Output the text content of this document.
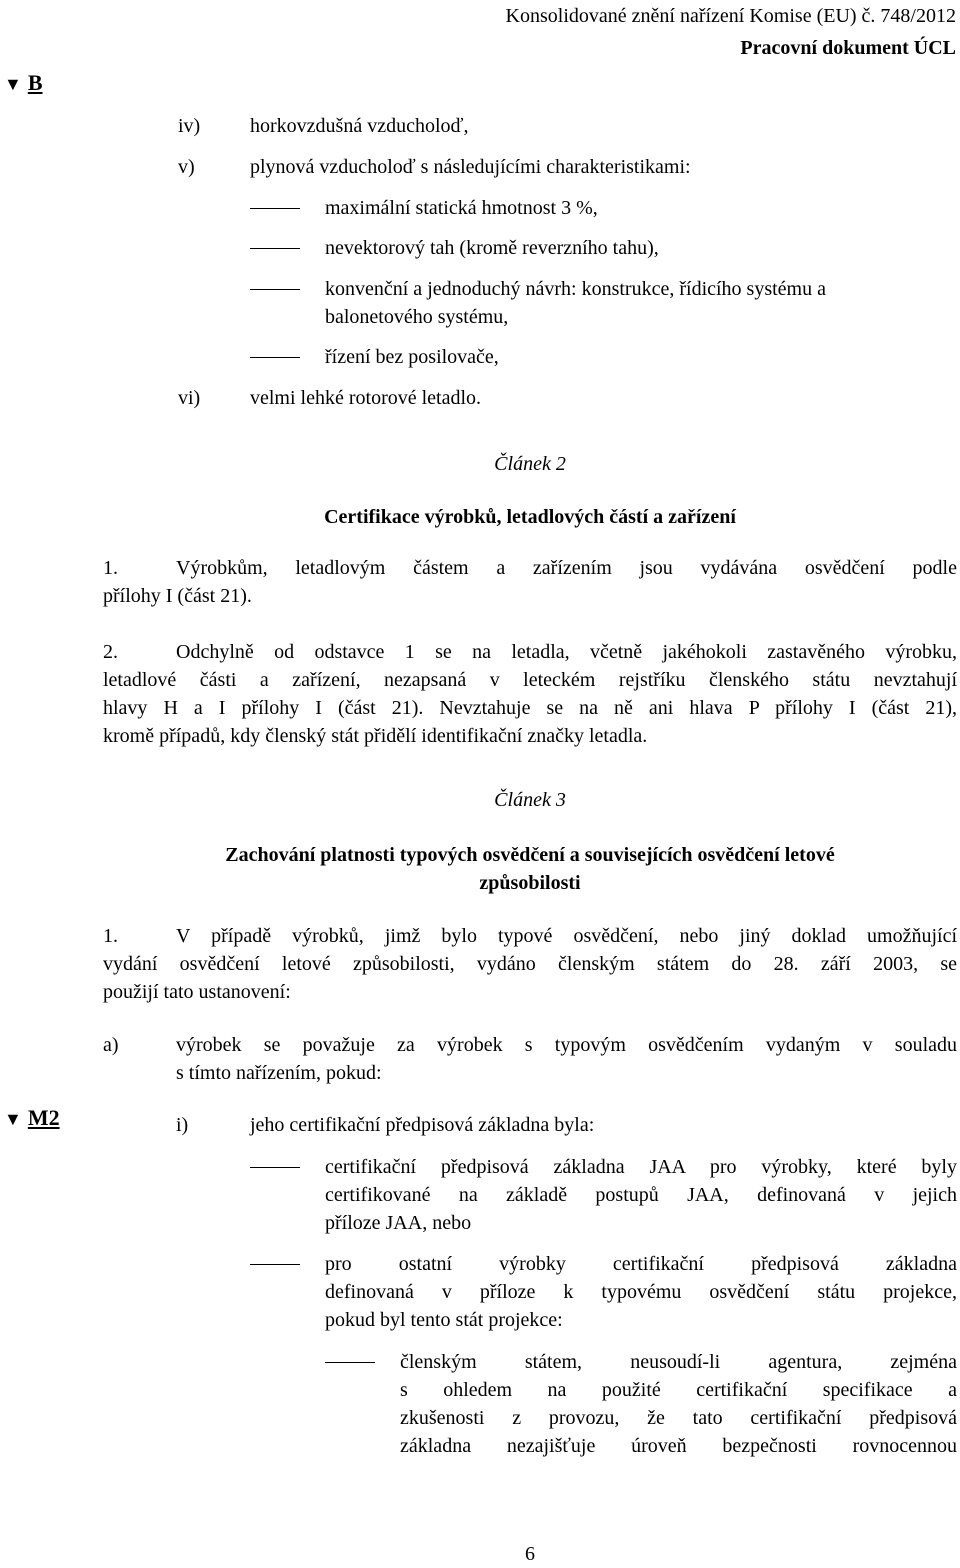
Konsolidované znění nařízení Komise (EU) č. 748/2012
Pracovní dokument ÚCL
▼ B
iv) horkovzdušná vzducholoď,
v)	plynová vzducholoď s následujícími charakteristikami:
maximální statická hmotnost 3 %,
nevektorový tah (kromě reverzního tahu),
konvenční a jednoduchý návrh: konstrukce, řídicího systému a
balonetového systému,
řízení bez posilovače,
vi) velmi lehké rotorové letadlo.
Článek 2
Certifikace výrobků, letadlových částí a zařízení
1.	Výrobkům, letadlovým částem a zařízením jsou vydávána osvědčení podle
přílohy I (část 21).
2.	Odchylně od odstavce 1 se na letadla, včetně jakéhokoli zastavěného výrobku,
letadlové části a zařízení, nezapsaná v leteckém rejstříku členského státu nevztahují
hlavy H a I přílohy I (část 21). Nevztahuje se na ně ani hlava P přílohy I (část 21),
kromě případů, kdy členský stát přidělí identifikační značky letadla.
Článek 3
Zachování platnosti typových osvědčení a souvisejících osvědčení letové
způsobilosti
1.	V případě výrobků, jimž bylo typové osvědčení, nebo jiný doklad umožňující
vydání osvědčení letové způsobilosti, vydáno členským státem do 28. září 2003, se
použijí tato ustanovení:
a)	výrobek se považuje za výrobek s typovým osvědčením vydaným v souladu
s tímto nařízením, pokud:
▼ M2	i)	jeho certifikační předpisová základna byla:
certifikační předpisová základna JAA pro výrobky, které byly
certifikované na základě postupů JAA, definovaná v jejich
příloze JAA, nebo
pro ostatní výrobky certifikační předpisová základna
definovaná v příloze k typovému osvědčení státu projekce,
pokud byl tento stát projekce:
členským státem, neusoudí-li agentura, zejména
s ohledem na použité certifikační specifikace a
zkušenosti z provozu, že tato certifikační předpisová
základna nezajišťuje úroveň bezpečnosti rovnocennou
6
